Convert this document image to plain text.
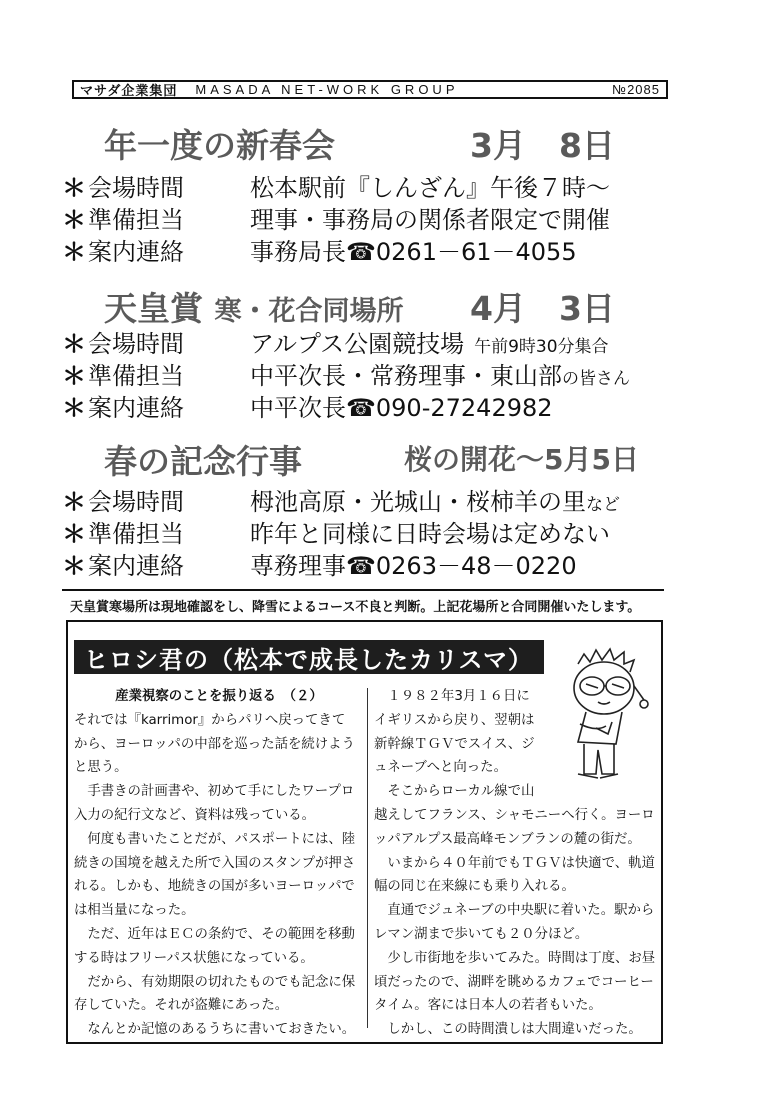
マサダ企業集団 MASADA NET-WORK GROUP	№2085
年一度の新春会	3月　8日
＊ 会場時間	松本駅前『しんざん』午後７時～
＊ 準備担当	理事・事務局の関係者限定で開催
＊ 案内連絡	事務局長☎0261－61－4055
天皇賞 寒・花合同場所 4月　3日
＊ 会場時間	アルプス公園競技場 午前9時30分集合
＊ 準備担当	中平次長・常務理事・東山部の皆さん
＊ 案内連絡	中平次長☎090-27242982
春の記念行事	桜の開花～5月5日
＊ 会場時間	栂池高原・光城山・桜柿羊の里など
＊ 準備担当	昨年と同様に日時会場は定めない
＊ 案内連絡	専務理事☎0263－48－0220
天皇賞寒場所は現地確認をし、降雪によるコース不良と判断。上記花場所と合同開催いたします。
ヒロシ君の（松本で成長したカリスマ）

産業視察のことを振り返る　（２）

それでは『karrimor』からパリへ戻ってきて

から、ヨーロッパの中部を巡った話を続けよう

と思う。

　手書きの計画書や、初めて手にしたワープロ

入力の紀行文など、資料は残っている。

　何度も書いたことだが、パスポートには、陸

続きの国境を越えた所で入国のスタンプが押さ

れる。しかも、地続きの国が多いヨーロッパで

は相当量になった。

　ただ、近年はＥＣの条約で、その範囲を移動

する時はフリーパス状態になっている。

　だから、有効期限の切れたものでも記念に保

存していた。それが盗難にあった。

　なんとか記憶のあるうちに書いておきたい。

　１９８２年3月１６日に

イギリスから戻り、翌朝は

新幹線ＴＧＶでスイス、ジ

ュネーブへと向った。

　そこからローカル線で山

越えしてフランス、シャモニーへ行く。ヨーロ

ッパアルプス最高峰モンブランの麓の街だ。

　いまから４０年前でもＴＧＶは快適で、軌道

幅の同じ在来線にも乗り入れる。

　直通でジュネーブの中央駅に着いた。駅から

レマン湖まで歩いても２０分ほど。

　少し市街地を歩いてみた。時間は丁度、お昼

頃だったので、湖畔を眺めるカフェでコーヒー

タイム。客には日本人の若者もいた。

　しかし、この時間潰しは大間違いだった。
